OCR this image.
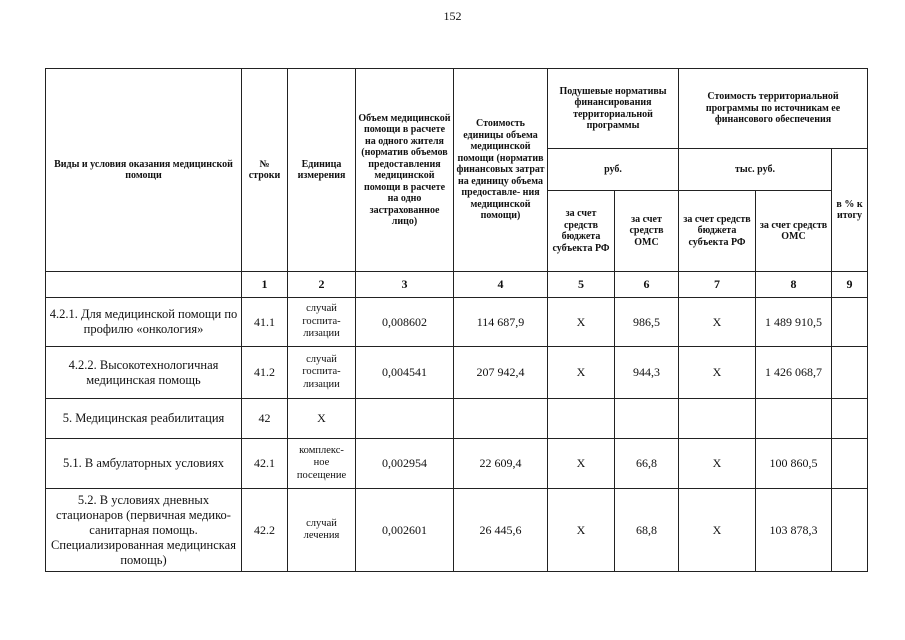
152
Виды и условия оказания медицинской помощи	№ строки	Единица измерения	Объем медицинской помощи в расчете на одного жителя (норматив объемов предоставления медицинской помощи в расчете на одно застрахованное лицо)	Стоимость единицы объема медицинской помощи (норматив финансовых затрат на единицу объема предоставле- ния медицинской помощи)	Подушевые нормативы финансирования территориальной программы		Стоимость территориальной программы по источникам ее финансового обеспечения		
					руб.		тыс. руб.		в % к итогу
					за счет средств бюджета субъекта РФ	за счет средств ОМС	за счет средств бюджета субъекта РФ	за счет средств ОМС	
	1	2	3	4	5	6	7	8	9
4.2.1. Для медицинской помощи по профилю «онкология»	41.1	случай госпита- лизации	0,008602	114 687,9	Х	986,5	Х	1 489 910,5	
4.2.2. Высокотехнологичная медицинская помощь	41.2	случай госпита- лизации	0,004541	207 942,4	Х	944,3	Х	1 426 068,7	
5. Медицинская реабилитация	42	Х							
5.1. В амбулаторных условиях	42.1	комплекс- ное посещение	0,002954	22 609,4	Х	66,8	Х	100 860,5	
5.2. В условиях дневных стационаров (первичная медико- санитарная помощь. Специализированная медицинская помощь)	42.2	случай лечения	0,002601	26 445,6	Х	68,8	Х	103 878,3	
